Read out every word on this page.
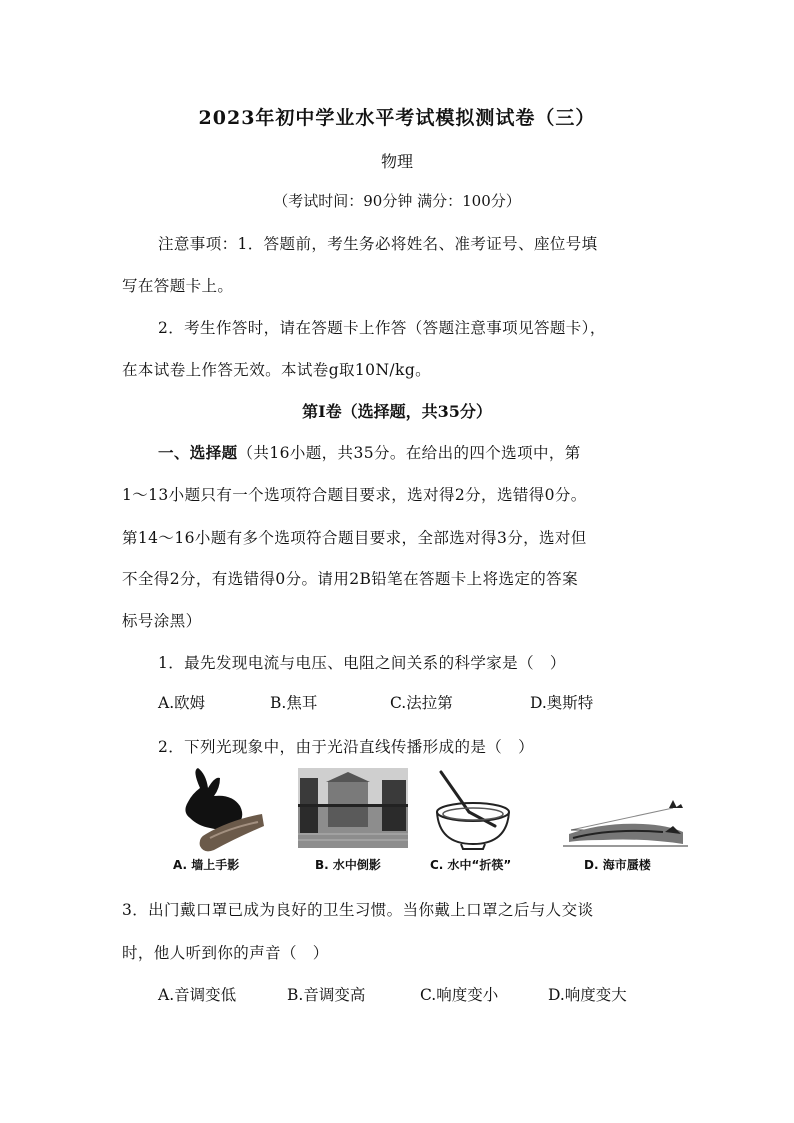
2023年初中学业水平考试模拟测试卷（三）
物理
（考试时间：90分钟 满分：100分）
注意事项：1．答题前，考生务必将姓名、准考证号、座位号填
写在答题卡上。
2．考生作答时，请在答题卡上作答（答题注意事项见答题卡），
在本试卷上作答无效。本试卷g取10N/kg。
第Ⅰ卷（选择题，共35分）
一、选择题（共16小题，共35分。在给出的四个选项中，第
1～13小题只有一个选项符合题目要求，选对得2分，选错得0分。
第14～16小题有多个选项符合题目要求，全部选对得3分，选对但
不全得2分，有选错得0分。请用2B铅笔在答题卡上将选定的答案
标号涂黑）
1．最先发现电流与电压、电阻之间关系的科学家是（　）
A.欧姆	B.焦耳	C.法拉第	D.奥斯特
2．下列光现象中，由于光沿直线传播形成的是（　）
A. 墙上手影	B. 水中倒影	C. 水中“折筷”	D. 海市蜃楼
3．出门戴口罩已成为良好的卫生习惯。当你戴上口罩之后与人交谈
时，他人听到你的声音（　）
A.音调变低	B.音调变高	C.响度变小	D.响度变大
